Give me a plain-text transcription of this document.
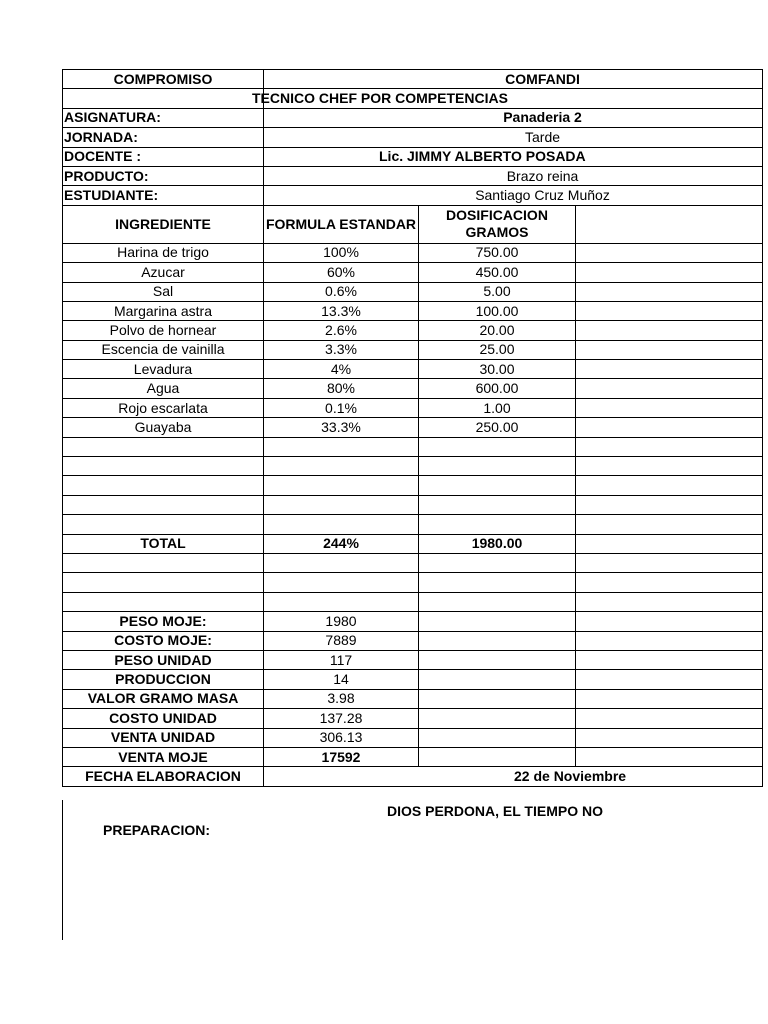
COMPROMISO	COMFANDI		
	TECNICO CHEF POR COMPETENCIAS		
ASIGNATURA:	Panaderia 2		
JORNADA:	Tarde		
DOCENTE :	Lic. JIMMY ALBERTO POSADA		
PRODUCTO:	Brazo reina		
ESTUDIANTE:	Santiago Cruz Muñoz		
INGREDIENTE	FORMULA ESTANDAR	DOSIFICACION GRAMOS	
Harina de trigo	100%	750.00	
Azucar	60%	450.00	
Sal	0.6%	5.00	
Margarina astra	13.3%	100.00	
Polvo de hornear	2.6%	20.00	
Escencia de vainilla	3.3%	25.00	
Levadura	4%	30.00	
Agua	80%	600.00	
Rojo escarlata	0.1%	1.00	
Guayaba	33.3%	250.00	

TOTAL	244%	1980.00	

PESO MOJE:	1980		
COSTO MOJE:	7889		
PESO UNIDAD	117		
PRODUCCION	14		
VALOR GRAMO MASA	3.98		
COSTO UNIDAD	137.28		
VENTA UNIDAD	306.13		
VENTA MOJE	17592		
FECHA ELABORACION	22 de Noviembre		
DIOS PERDONA, EL TIEMPO NO
PREPARACION:
